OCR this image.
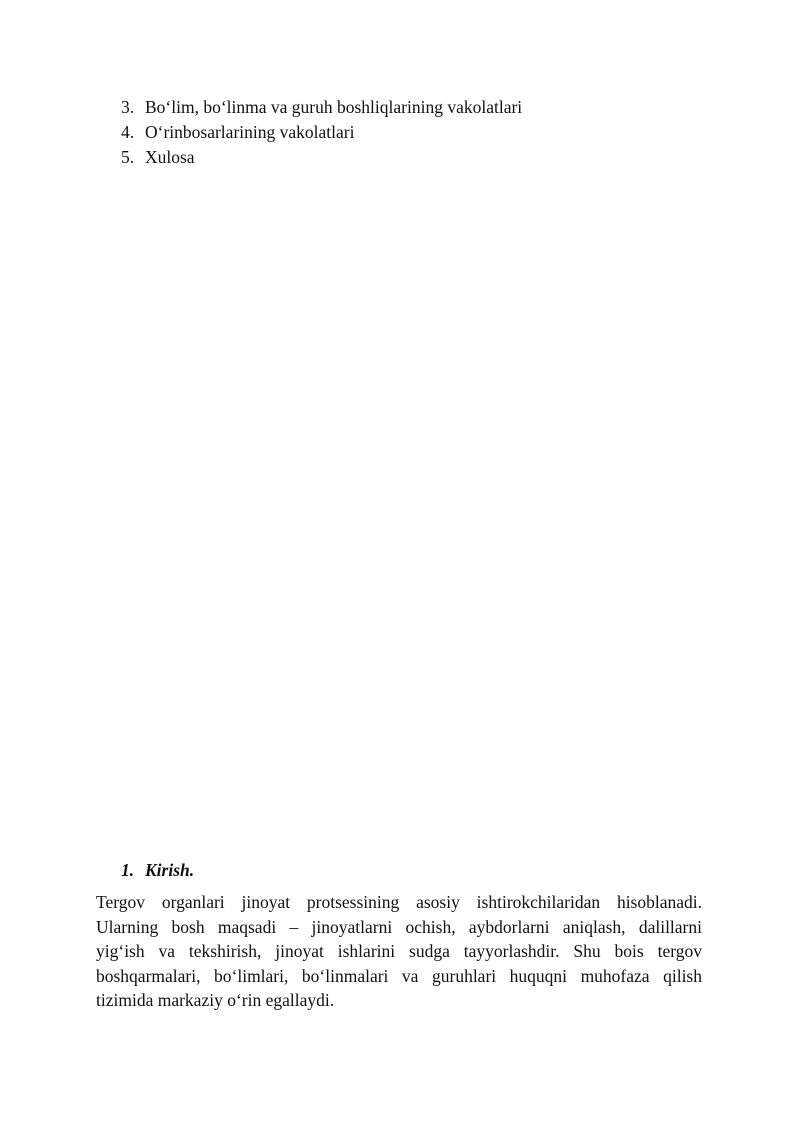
3. Bo‘lim, bo‘linma va guruh boshliqlarining vakolatlari
4. O‘rinbosarlarining vakolatlari
5. Xulosa
1. Kirish.

Tergov organlari jinoyat protsessining asosiy ishtirokchilaridan hisoblanadi.
Ularning bosh maqsadi – jinoyatlarni ochish, aybdorlarni aniqlash, dalillarni
yig‘ish va tekshirish, jinoyat ishlarini sudga tayyorlashdir. Shu bois tergov
boshqarmalari, bo‘limlari, bo‘linmalari va guruhlari huquqni muhofaza qilish
tizimida markaziy o‘rin egallaydi.
